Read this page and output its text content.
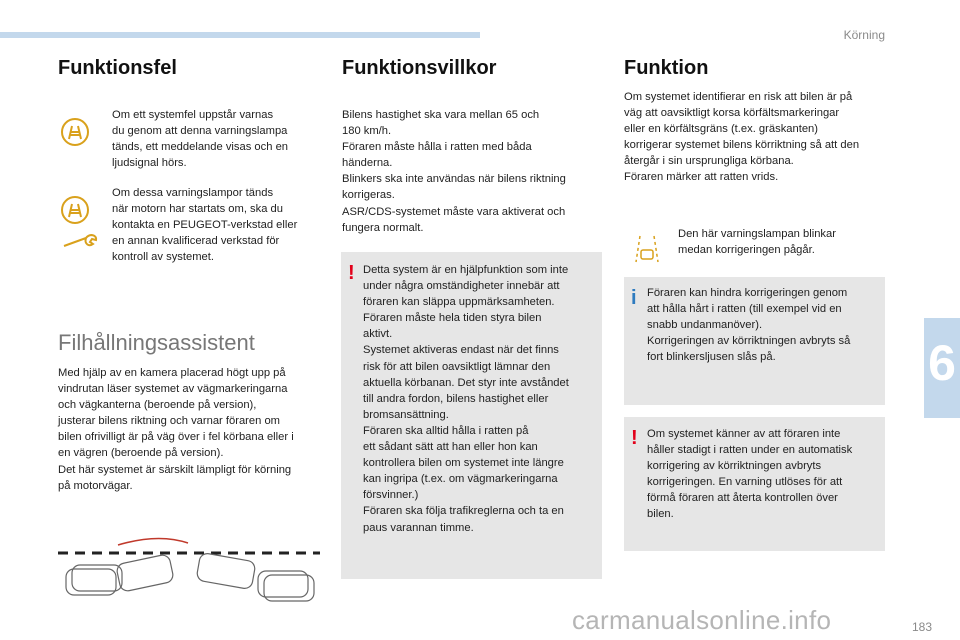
Körning
6
183
carmanualsonline.info
Funktionsfel
Om ett systemfel uppstår varnas
du genom att denna varningslampa
tänds, ett meddelande visas och en
ljudsignal hörs.
Om dessa varningslampor tänds
när motorn har startats om, ska du
kontakta en PEUGEOT-verkstad eller
en annan kvalificerad verkstad för
kontroll av systemet.
Filhållningsassistent
Med hjälp av en kamera placerad högt upp på
vindrutan läser systemet av vägmarkeringarna
och vägkanterna (beroende på version),
justerar bilens riktning och varnar föraren om
bilen ofrivilligt är på väg över i fel körbana eller i
en vägren (beroende på version).
Det här systemet är särskilt lämpligt för körning
på motorvägar.
Funktionsvillkor
Bilens hastighet ska vara mellan 65 och
180 km/h.
Föraren måste hålla i ratten med båda
händerna.
Blinkers ska inte användas när bilens riktning
korrigeras.
ASR/CDS-systemet måste vara aktiverat och
fungera normalt.
! Detta system är en hjälpfunktion som inte
under några omständigheter innebär att
föraren kan släppa uppmärksamheten.
Föraren måste hela tiden styra bilen
aktivt.
Systemet aktiveras endast när det finns
risk för att bilen oavsiktligt lämnar den
aktuella körbanan. Det styr inte avståndet
till andra fordon, bilens hastighet eller
bromsansättning.
Föraren ska alltid hålla i ratten på
ett sådant sätt att han eller hon kan
kontrollera bilen om systemet inte längre
kan ingripa (t.ex. om vägmarkeringarna
försvinner.)
Föraren ska följa trafikreglerna och ta en
paus varannan timme.
Funktion
Om systemet identifierar en risk att bilen är på
väg att oavsiktligt korsa körfältsmarkeringar
eller en körfältsgräns (t.ex. gräskanten)
korrigerar systemet bilens körriktning så att den
återgår i sin ursprungliga körbana.
Föraren märker att ratten vrids.
Den här varningslampan blinkar
medan korrigeringen pågår.
i Föraren kan hindra korrigeringen genom
att hålla hårt i ratten (till exempel vid en
snabb undanmanöver).
Korrigeringen av körriktningen avbryts så
fort blinkersljusen slås på.
! Om systemet känner av att föraren inte
håller stadigt i ratten under en automatisk
korrigering av körriktningen avbryts
korrigeringen. En varning utlöses för att
förmå föraren att återta kontrollen över
bilen.
